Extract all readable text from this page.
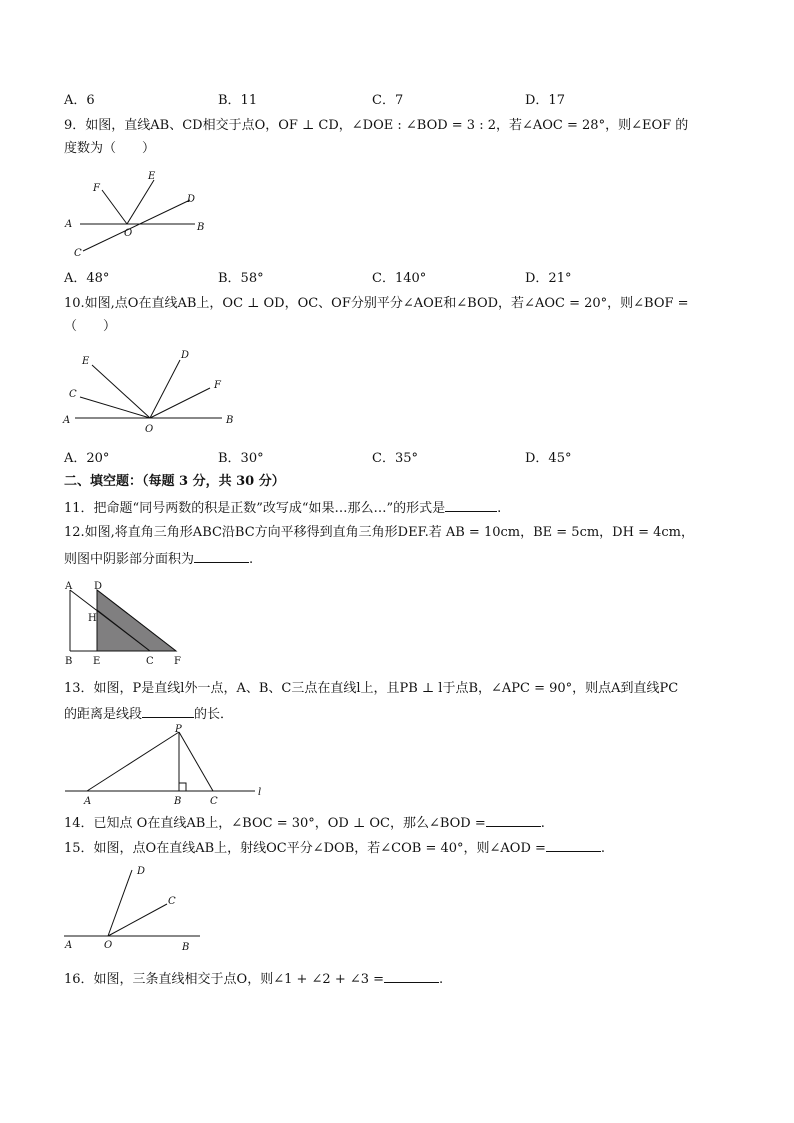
A．6	B．11	C．7	D．17
9．如图，直线AB、CD相交于点O，OF ⊥ CD，∠DOE : ∠BOD = 3 : 2，若∠AOC = 28°，则∠EOF 的
度数为（　　）
A	B
C
D
E
F
O
A．48°	B．58°	C．140°	D．21°
10.如图,点O在直线AB上，OC ⊥ OD，OC、OF分别平分∠AOE和∠BOD，若∠AOC = 20°，则∠BOF =
（　　）
A	B
C
D
E
F
O
A．20°	B．30°	C．35°	D．45°
二、填空题：（每题 3 分，共 30 分）
11．把命题“同号两数的积是正数”改写成“如果…那么…”的形式是	.
12.如图,将直角三角形ABC沿BC方向平移得到直角三角形DEF.若 AB = 10cm，BE = 5cm，DH = 4cm，
则图中阴影部分面积为	.
A D
H
B E	C F
13．如图，P是直线l外一点，A、B、C三点在直线l上，且PB ⊥ l于点B，∠APC = 90°，则点A到直线PC
的距离是线段	的长．
P
A	B	C
l
14．已知点 O在直线AB上，∠BOC = 30°，OD ⊥ OC，那么∠BOD =	.
15．如图，点O在直线AB上，射线OC平分∠DOB，若∠COB = 40°，则∠AOD =	.
D
C
A	O	B
16．如图，三条直线相交于点O，则∠1 + ∠2 + ∠3 =	.
